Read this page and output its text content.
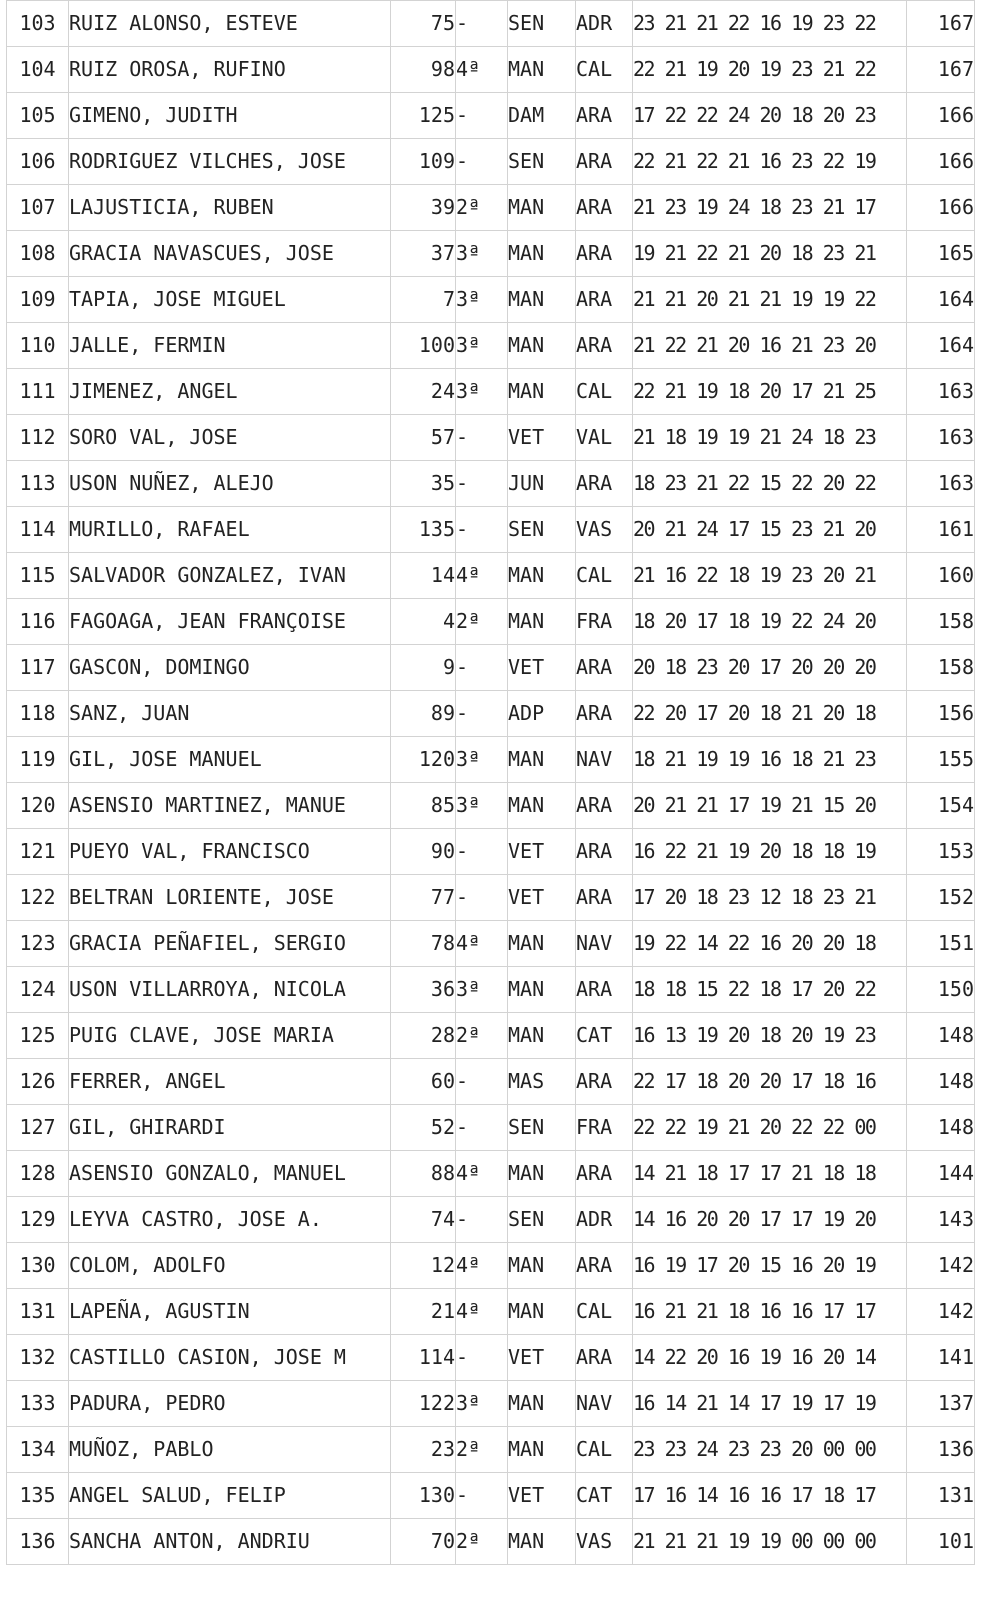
103	RUIZ ALONSO, ESTEVE	75	-	SEN	ADR	23 21 21 22 16 19 23 22	167
104	RUIZ OROSA, RUFINO	98	4ª	MAN	CAL	22 21 19 20 19 23 21 22	167
105	GIMENO, JUDITH	125	-	DAM	ARA	17 22 22 24 20 18 20 23	166
106	RODRIGUEZ VILCHES, JOSE	109	-	SEN	ARA	22 21 22 21 16 23 22 19	166
107	LAJUSTICIA, RUBEN	39	2ª	MAN	ARA	21 23 19 24 18 23 21 17	166
108	GRACIA NAVASCUES, JOSE	37	3ª	MAN	ARA	19 21 22 21 20 18 23 21	165
109	TAPIA, JOSE MIGUEL	7	3ª	MAN	ARA	21 21 20 21 21 19 19 22	164
110	JALLE, FERMIN	100	3ª	MAN	ARA	21 22 21 20 16 21 23 20	164
111	JIMENEZ, ANGEL	24	3ª	MAN	CAL	22 21 19 18 20 17 21 25	163
112	SORO VAL, JOSE	57	-	VET	VAL	21 18 19 19 21 24 18 23	163
113	USON NUÑEZ, ALEJO	35	-	JUN	ARA	18 23 21 22 15 22 20 22	163
114	MURILLO, RAFAEL	135	-	SEN	VAS	20 21 24 17 15 23 21 20	161
115	SALVADOR GONZALEZ, IVAN	14	4ª	MAN	CAL	21 16 22 18 19 23 20 21	160
116	FAGOAGA, JEAN FRANÇOISE	4	2ª	MAN	FRA	18 20 17 18 19 22 24 20	158
117	GASCON, DOMINGO	9	-	VET	ARA	20 18 23 20 17 20 20 20	158
118	SANZ, JUAN	89	-	ADP	ARA	22 20 17 20 18 21 20 18	156
119	GIL, JOSE MANUEL	120	3ª	MAN	NAV	18 21 19 19 16 18 21 23	155
120	ASENSIO MARTINEZ, MANUE	85	3ª	MAN	ARA	20 21 21 17 19 21 15 20	154
121	PUEYO VAL, FRANCISCO	90	-	VET	ARA	16 22 21 19 20 18 18 19	153
122	BELTRAN LORIENTE, JOSE	77	-	VET	ARA	17 20 18 23 12 18 23 21	152
123	GRACIA PEÑAFIEL, SERGIO	78	4ª	MAN	NAV	19 22 14 22 16 20 20 18	151
124	USON VILLARROYA, NICOLA	36	3ª	MAN	ARA	18 18 15 22 18 17 20 22	150
125	PUIG CLAVE, JOSE MARIA	28	2ª	MAN	CAT	16 13 19 20 18 20 19 23	148
126	FERRER, ANGEL	60	-	MAS	ARA	22 17 18 20 20 17 18 16	148
127	GIL, GHIRARDI	52	-	SEN	FRA	22 22 19 21 20 22 22 00	148
128	ASENSIO GONZALO, MANUEL	88	4ª	MAN	ARA	14 21 18 17 17 21 18 18	144
129	LEYVA CASTRO, JOSE A.	74	-	SEN	ADR	14 16 20 20 17 17 19 20	143
130	COLOM, ADOLFO	12	4ª	MAN	ARA	16 19 17 20 15 16 20 19	142
131	LAPEÑA, AGUSTIN	21	4ª	MAN	CAL	16 21 21 18 16 16 17 17	142
132	CASTILLO CASION, JOSE M	114	-	VET	ARA	14 22 20 16 19 16 20 14	141
133	PADURA, PEDRO	122	3ª	MAN	NAV	16 14 21 14 17 19 17 19	137
134	MUÑOZ, PABLO	23	2ª	MAN	CAL	23 23 24 23 23 20 00 00	136
135	ANGEL SALUD, FELIP	130	-	VET	CAT	17 16 14 16 16 17 18 17	131
136	SANCHA ANTON, ANDRIU	70	2ª	MAN	VAS	21 21 21 19 19 00 00 00	101
